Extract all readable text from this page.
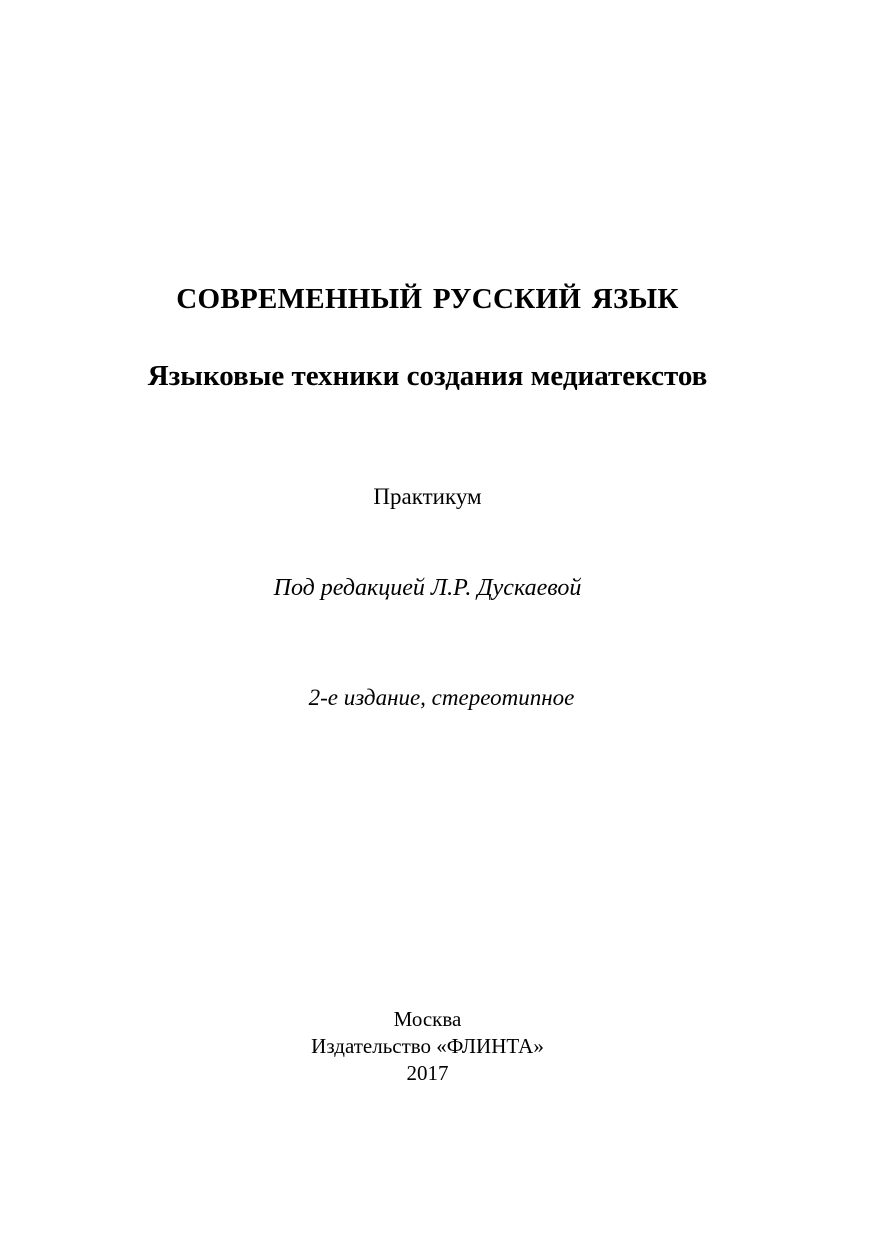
СОВРЕМЕННЫЙ РУССКИЙ ЯЗЫК
Языковые техники создания медиатекстов
Практикум
Под редакцией Л.Р. Дускаевой
2-е издание, стереотипное
Москва
Издательство «ФЛИНТА»
2017
